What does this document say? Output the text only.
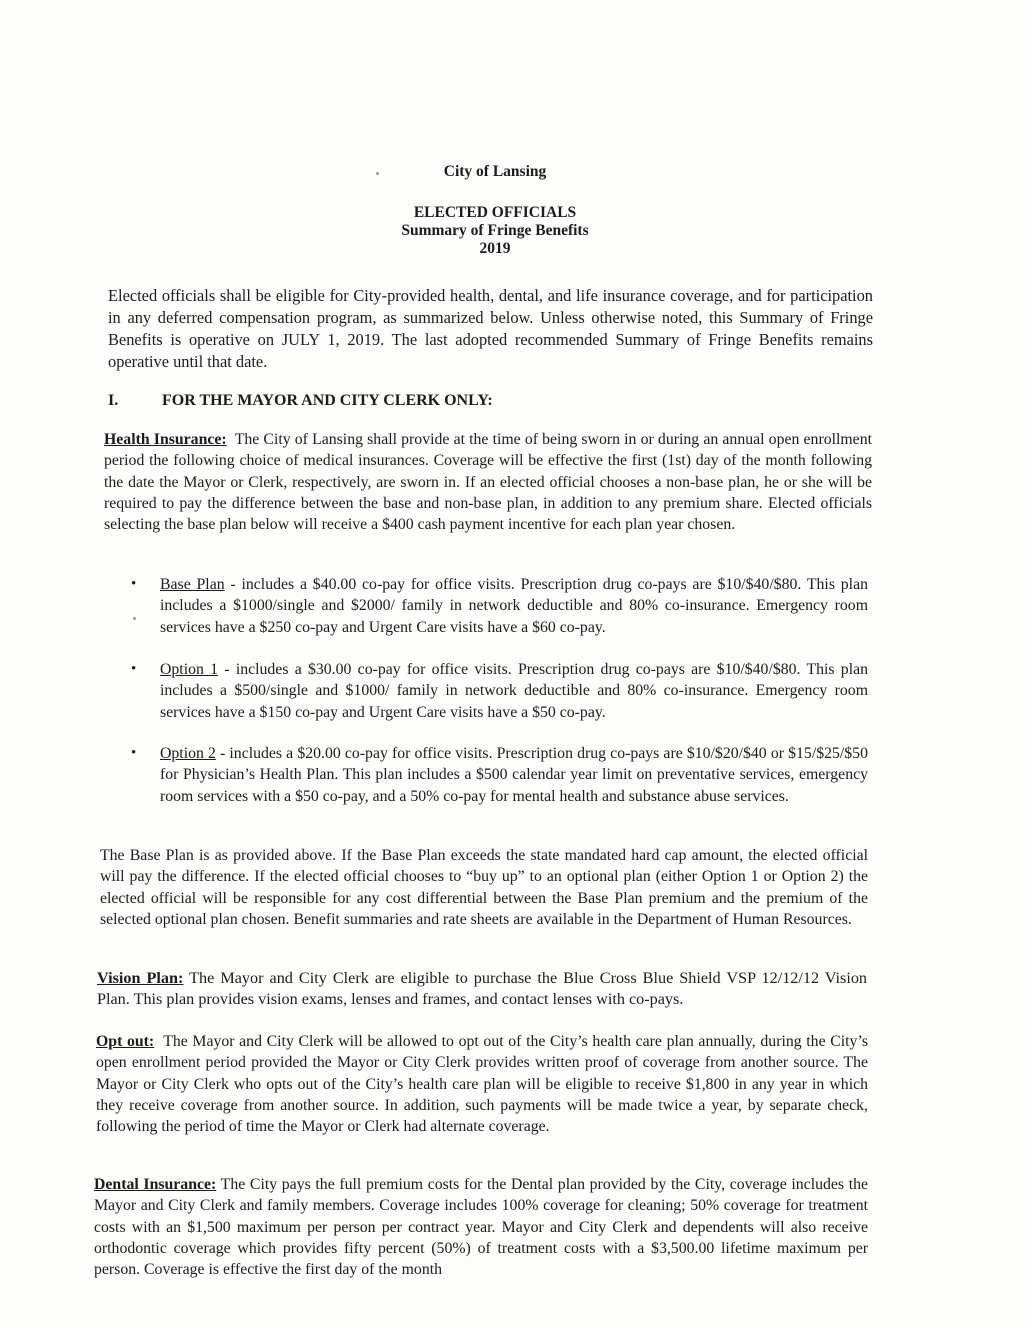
City of Lansing
ELECTED OFFICIALS
Summary of Fringe Benefits
2019

Elected officials shall be eligible for City-provided health, dental, and life insurance coverage, and for participation in any deferred compensation program, as summarized below. Unless otherwise noted, this Summary of Fringe Benefits is operative on JULY 1, 2019. The last adopted recommended Summary of Fringe Benefits remains operative until that date.

I.	FOR THE MAYOR AND CITY CLERK ONLY:

Health Insurance: The City of Lansing shall provide at the time of being sworn in or during an annual open enrollment period the following choice of medical insurances. Coverage will be effective the first (1st) day of the month following the date the Mayor or Clerk, respectively, are sworn in. If an elected official chooses a non-base plan, he or she will be required to pay the difference between the base and non-base plan, in addition to any premium share. Elected officials selecting the base plan below will receive a $400 cash payment incentive for each plan year chosen.

• Base Plan - includes a $40.00 co-pay for office visits. Prescription drug co-pays are $10/$40/$80. This plan includes a $1000/single and $2000/ family in network deductible and 80% co-insurance. Emergency room services have a $250 co-pay and Urgent Care visits have a $60 co-pay.

• Option 1 - includes a $30.00 co-pay for office visits. Prescription drug co-pays are $10/$40/$80. This plan includes a $500/single and $1000/ family in network deductible and 80% co-insurance. Emergency room services have a $150 co-pay and Urgent Care visits have a $50 co-pay.

• Option 2 - includes a $20.00 co-pay for office visits. Prescription drug co-pays are $10/$20/$40 or $15/$25/$50 for Physician’s Health Plan. This plan includes a $500 calendar year limit on preventative services, emergency room services with a $50 co-pay, and a 50% co-pay for mental health and substance abuse services.

The Base Plan is as provided above. If the Base Plan exceeds the state mandated hard cap amount, the elected official will pay the difference. If the elected official chooses to “buy up” to an optional plan (either Option 1 or Option 2) the elected official will be responsible for any cost differential between the Base Plan premium and the premium of the selected optional plan chosen. Benefit summaries and rate sheets are available in the Department of Human Resources.

Vision Plan: The Mayor and City Clerk are eligible to purchase the Blue Cross Blue Shield VSP 12/12/12 Vision Plan. This plan provides vision exams, lenses and frames, and contact lenses with co-pays.

Opt out: The Mayor and City Clerk will be allowed to opt out of the City’s health care plan annually, during the City’s open enrollment period provided the Mayor or City Clerk provides written proof of coverage from another source. The Mayor or City Clerk who opts out of the City’s health care plan will be eligible to receive $1,800 in any year in which they receive coverage from another source. In addition, such payments will be made twice a year, by separate check, following the period of time the Mayor or Clerk had alternate coverage.

Dental Insurance: The City pays the full premium costs for the Dental plan provided by the City, coverage includes the Mayor and City Clerk and family members. Coverage includes 100% coverage for cleaning; 50% coverage for treatment costs with an $1,500 maximum per person per contract year. Mayor and City Clerk and dependents will also receive orthodontic coverage which provides fifty percent (50%) of treatment costs with a $3,500.00 lifetime maximum per person. Coverage is effective the first day of the month
